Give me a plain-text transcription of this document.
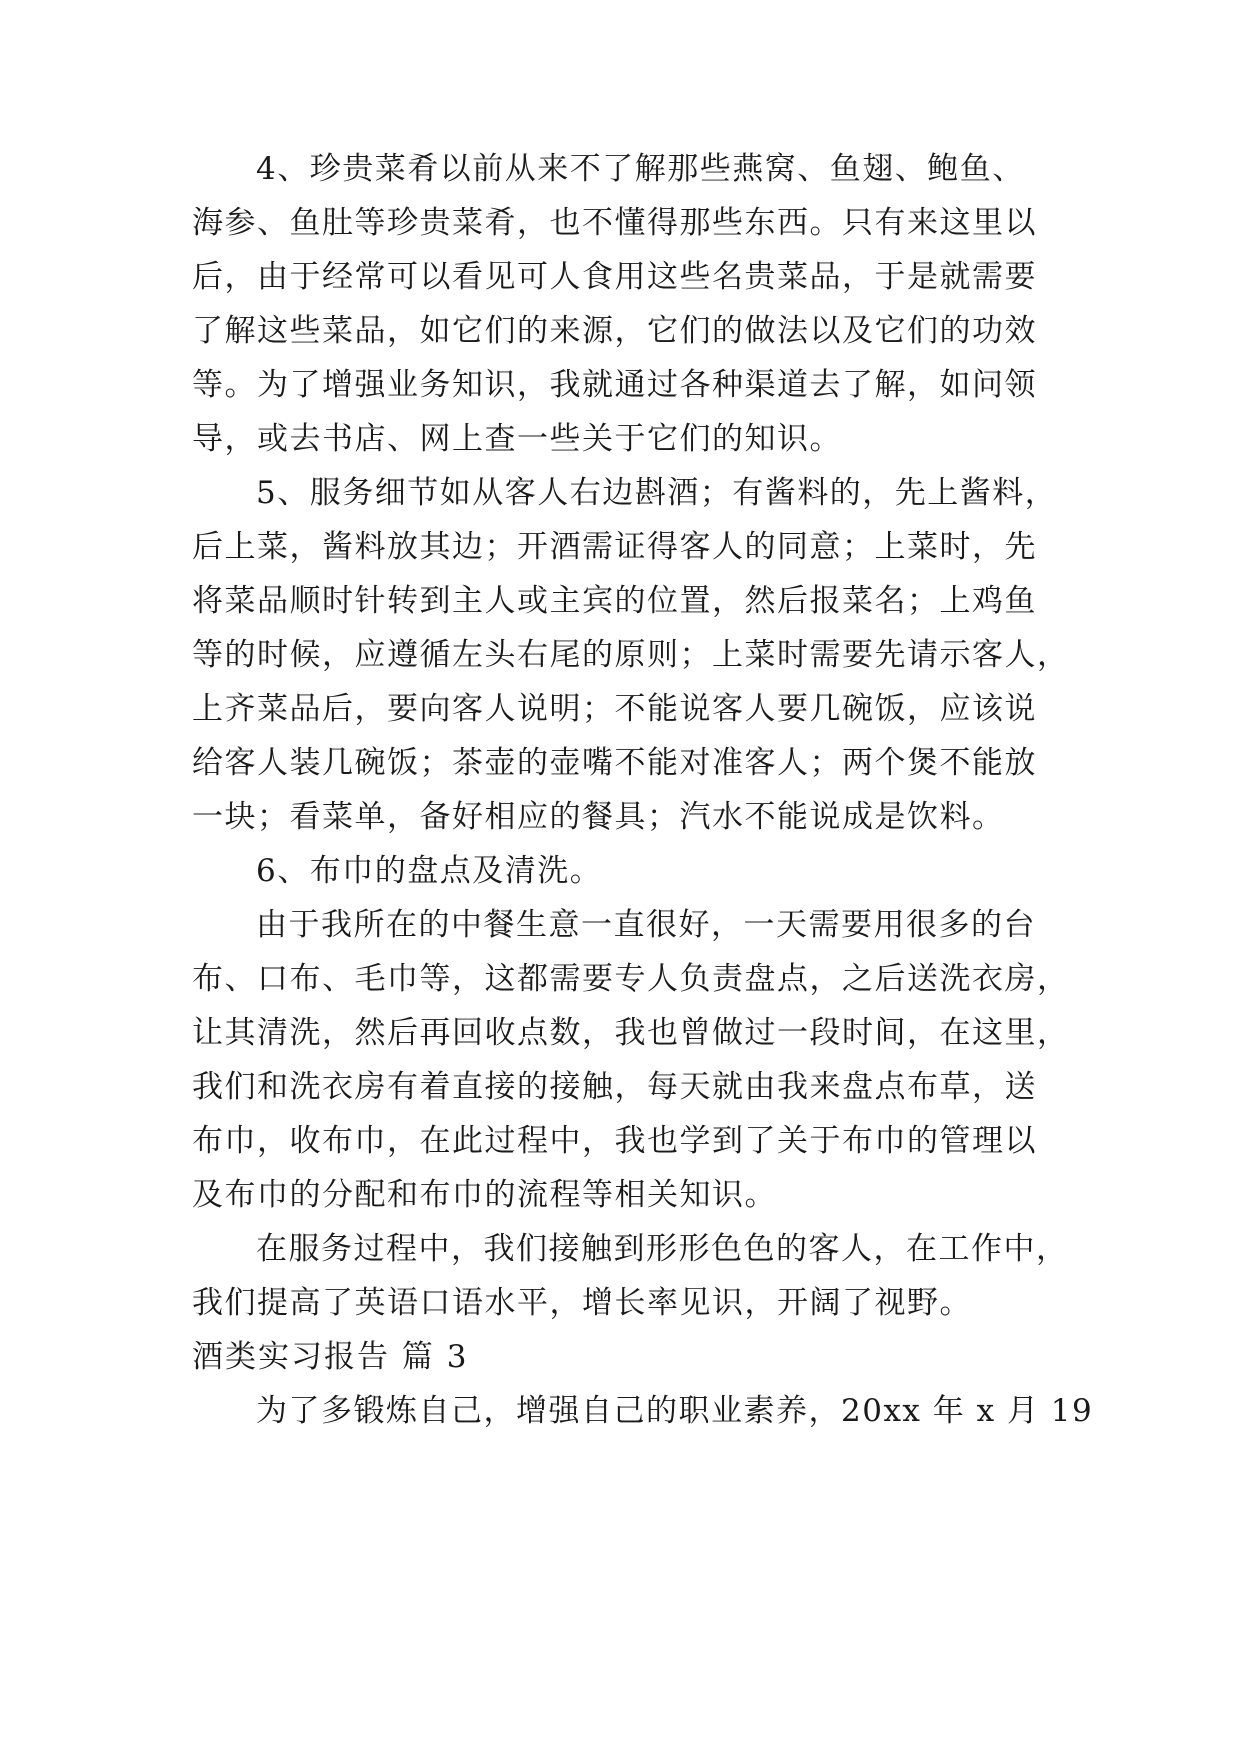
4、珍贵菜肴以前从来不了解那些燕窝、鱼翅、鲍鱼、
海参、鱼肚等珍贵菜肴，也不懂得那些东西。只有来这里以
后，由于经常可以看见可人食用这些名贵菜品，于是就需要
了解这些菜品，如它们的来源，它们的做法以及它们的功效
等。为了增强业务知识，我就通过各种渠道去了解，如问领
导，或去书店、网上查一些关于它们的知识。
5、服务细节如从客人右边斟酒；有酱料的，先上酱料，
后上菜，酱料放其边；开酒需证得客人的同意；上菜时，先
将菜品顺时针转到主人或主宾的位置，然后报菜名；上鸡鱼
等的时候，应遵循左头右尾的原则；上菜时需要先请示客人，
上齐菜品后，要向客人说明；不能说客人要几碗饭，应该说
给客人装几碗饭；茶壶的壶嘴不能对准客人；两个煲不能放
一块；看菜单，备好相应的餐具；汽水不能说成是饮料。
6、布巾的盘点及清洗。
由于我所在的中餐生意一直很好，一天需要用很多的台
布、口布、毛巾等，这都需要专人负责盘点，之后送洗衣房，
让其清洗，然后再回收点数，我也曾做过一段时间，在这里，
我们和洗衣房有着直接的接触，每天就由我来盘点布草，送
布巾，收布巾，在此过程中，我也学到了关于布巾的管理以
及布巾的分配和布巾的流程等相关知识。
在服务过程中，我们接触到形形色色的客人，在工作中，
我们提高了英语口语水平，增长率见识，开阔了视野。
酒类实习报告 篇 3
为了多锻炼自己，增强自己的职业素养，20xx 年 x 月 19
